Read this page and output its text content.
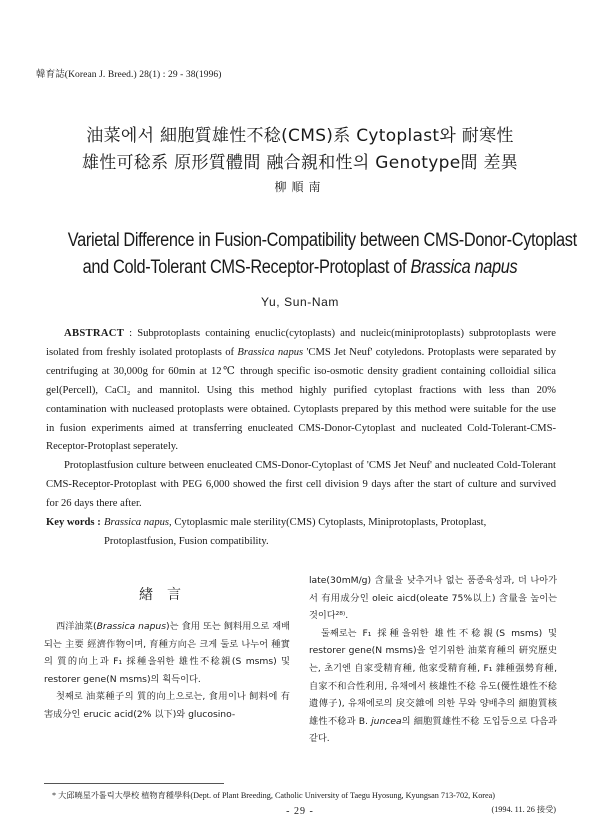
韓育誌(Korean J. Breed.) 28(1) : 29 - 38(1996)
油菜에서 細胞質雄性不稔(CMS)系 Cytoplast와 耐寒性
雄性可稔系 原形質體間 融合親和性의 Genotype間 差異
柳順南
Varietal Difference in Fusion-Compatibility between CMS-Donor-Cytoplast
and Cold-Tolerant CMS-Receptor-Protoplast of Brassica napus
Yu, Sun-Nam

ABSTRACT : Subprotoplasts containing enuclic(cytoplasts) and nucleic(miniprotoplasts) subprotoplasts were isolated from freshly isolated protoplasts of Brassica napus 'CMS Jet Neuf' cotyledons. Protoplasts were separated by centrifuging at 30,000g for 60min at 12℃ through specific iso-osmotic density gradient containing colloidial silica gel(Percell), CaCl₂ and mannitol. Using this method highly purified cytoplast fractions with less than 20% contamination with nucleased protoplasts were obtained. Cytoplasts prepared by this method were suitable for the use in fusion experiments aimed at transferring enucleated CMS-Donor-Cytoplast and nucleated Cold-Tolerant-CMS-Receptor-Protoplast seperately.

Protoplastfusion culture between enucleated CMS-Donor-Cytoplast of 'CMS Jet Neuf' and nucleated Cold-Tolerant CMS-Receptor-Protoplast with PEG 6,000 showed the first cell division 9 days after the start of culture and survived for 26 days there after.

Key words : Brassica napus, Cytoplasmic male sterility(CMS) Cytoplasts, Miniprotoplasts, Protoplast, Protoplastfusion, Fusion compatibility.
緖言

西洋油菜(Brassica napus)는 食用 또는 飼料用으로 재배되는 主要 經濟作物이며, 育種方向은 크게 둘로 나누어 種實의 質的向上과 F₁ 採種을위한 雄性不稔親(S msms) 및 restorer gene(N msms)의 획득이다.

첫째로 油菜種子의 質的向上으로는, 食用이나 飼料에 有害成分인 erucic acid(2% 以下)와 glucosino-

late(30mM/g) 含量을 낮추거나 없는 품종육성과, 더 나아가서 有用成分인 oleic aicd(oleate 75%以上) 含量을 높이는 것이다²⁸⁾.

둘째로는 F₁ 採種을위한 雄性不稔親(S msms) 및 restorer gene(N msms)을 얻기위한 油菜育種의 硏究歷史는, 초기엔 自家受精育種, 他家受精育種, F₁ 雜種强勢育種, 自家不和合性利用, 유채에서 核雄性不稔 유도(優性雄性不稔遺傳子), 유채에로의 戾交雜에 의한 무와 양배추의 細胞質核雄性不稔과 B. juncea의 細胞質雄性不稔 도입등으로 다음과 같다.

* 大邱曉星가톨릭大學校 植物育種學科(Dept. of Plant Breeding, Catholic University of Taegu Hyosung, Kyungsan 713-702, Korea)
(1994. 11. 26 接受)
- 29 -
